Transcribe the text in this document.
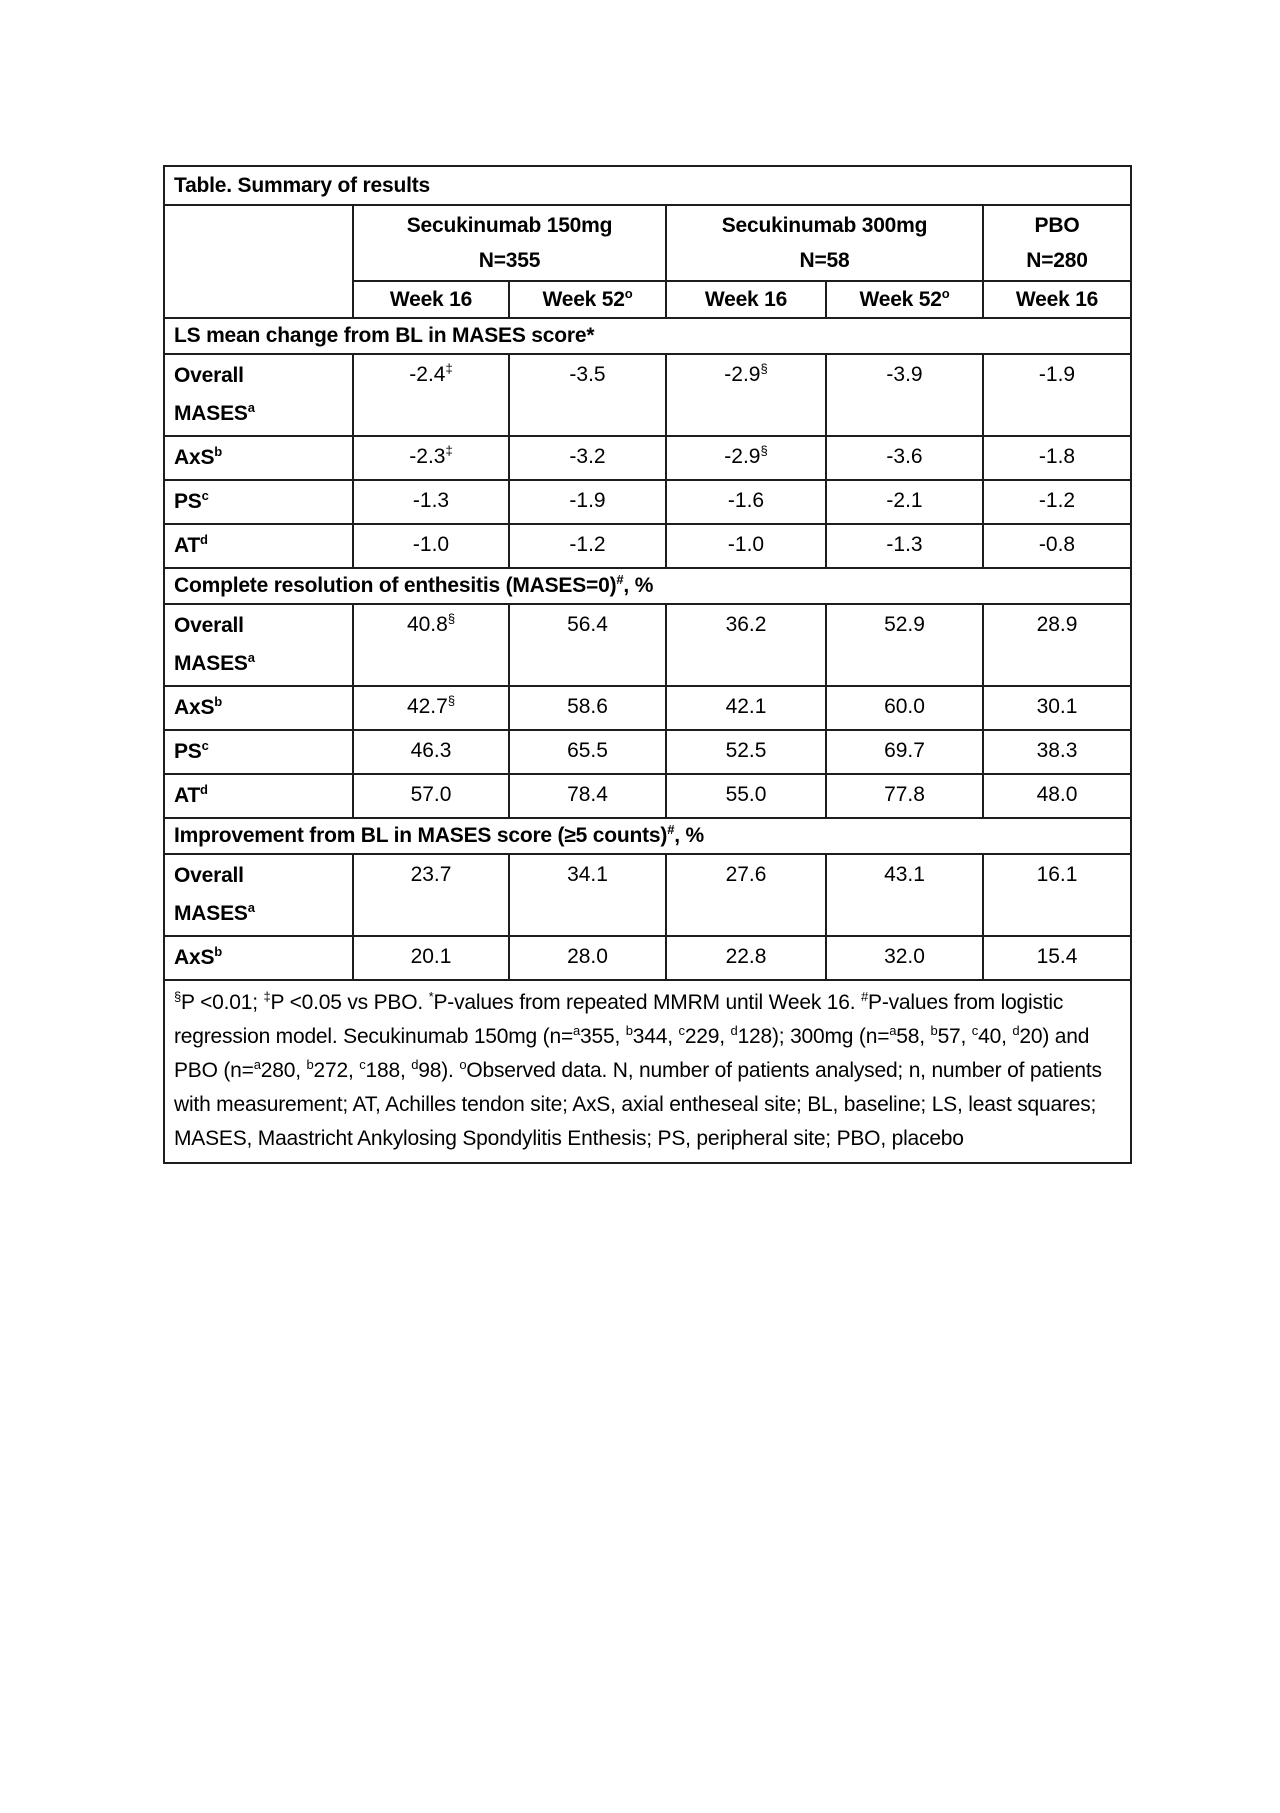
Table. Summary of results					

Secukinumab 150mg
N=355

Secukinumab 300mg
N=58

PBO
N=280

	Week 16	Week 52$^o$	Week 16	Week 52$^o$	Week 16
LS mean change from BL in MASES score*					

Overall
MASES$^a$	-2.4‡	-3.5	-2.9§	-3.9	-1.9

AxS$^b$	-2.3‡	-3.2	-2.9§	-3.6	-1.8

$PS^c$	-1.3	-1.9	-1.6	-2.1	-1.2

$AT^d$	-1.0	-1.2	-1.0	-1.3	-0.8
Complete resolution of enthesitis (MASES=0)#, %					

Overall
MASES$^a$	40.8§	56.4	36.2	52.9	28.9

AxS$^b$	42.7§	58.6	42.1	60.0	30.1

$PS^c$	46.3	65.5	52.5	69.7	38.3

$AT^d$	57.0	78.4	55.0	77.8	48.0
Improvement from BL in MASES score (≥5 counts)#, %					

Overall
MASES$^a$	23.7	34.1	27.6	43.1	16.1

AxS$^b$	20.1	28.0	22.8	32.0	15.4
§P <0.01; ‡P <0.05 vs PBO. *P-values from repeated MMRM until Week 16. #P-values from logistic regression model. Secukinumab 150mg (n=$^a$355, $^b$344, $^c$229, $^d$128); 300mg (n=$^a$58, $^b$57, $^c$40, $^d$20) and PBO (n=$^a$280, $^b$272, $^c$188, $^d$98). $^o$Observed data. N, number of patients analysed; n, number of patients with measurement; AT, Achilles tendon site; AxS, axial entheseal site; BL, baseline; LS, least squares; MASES, Maastricht Ankylosing Spondylitis Enthesis; PS, peripheral site; PBO, placebo					
